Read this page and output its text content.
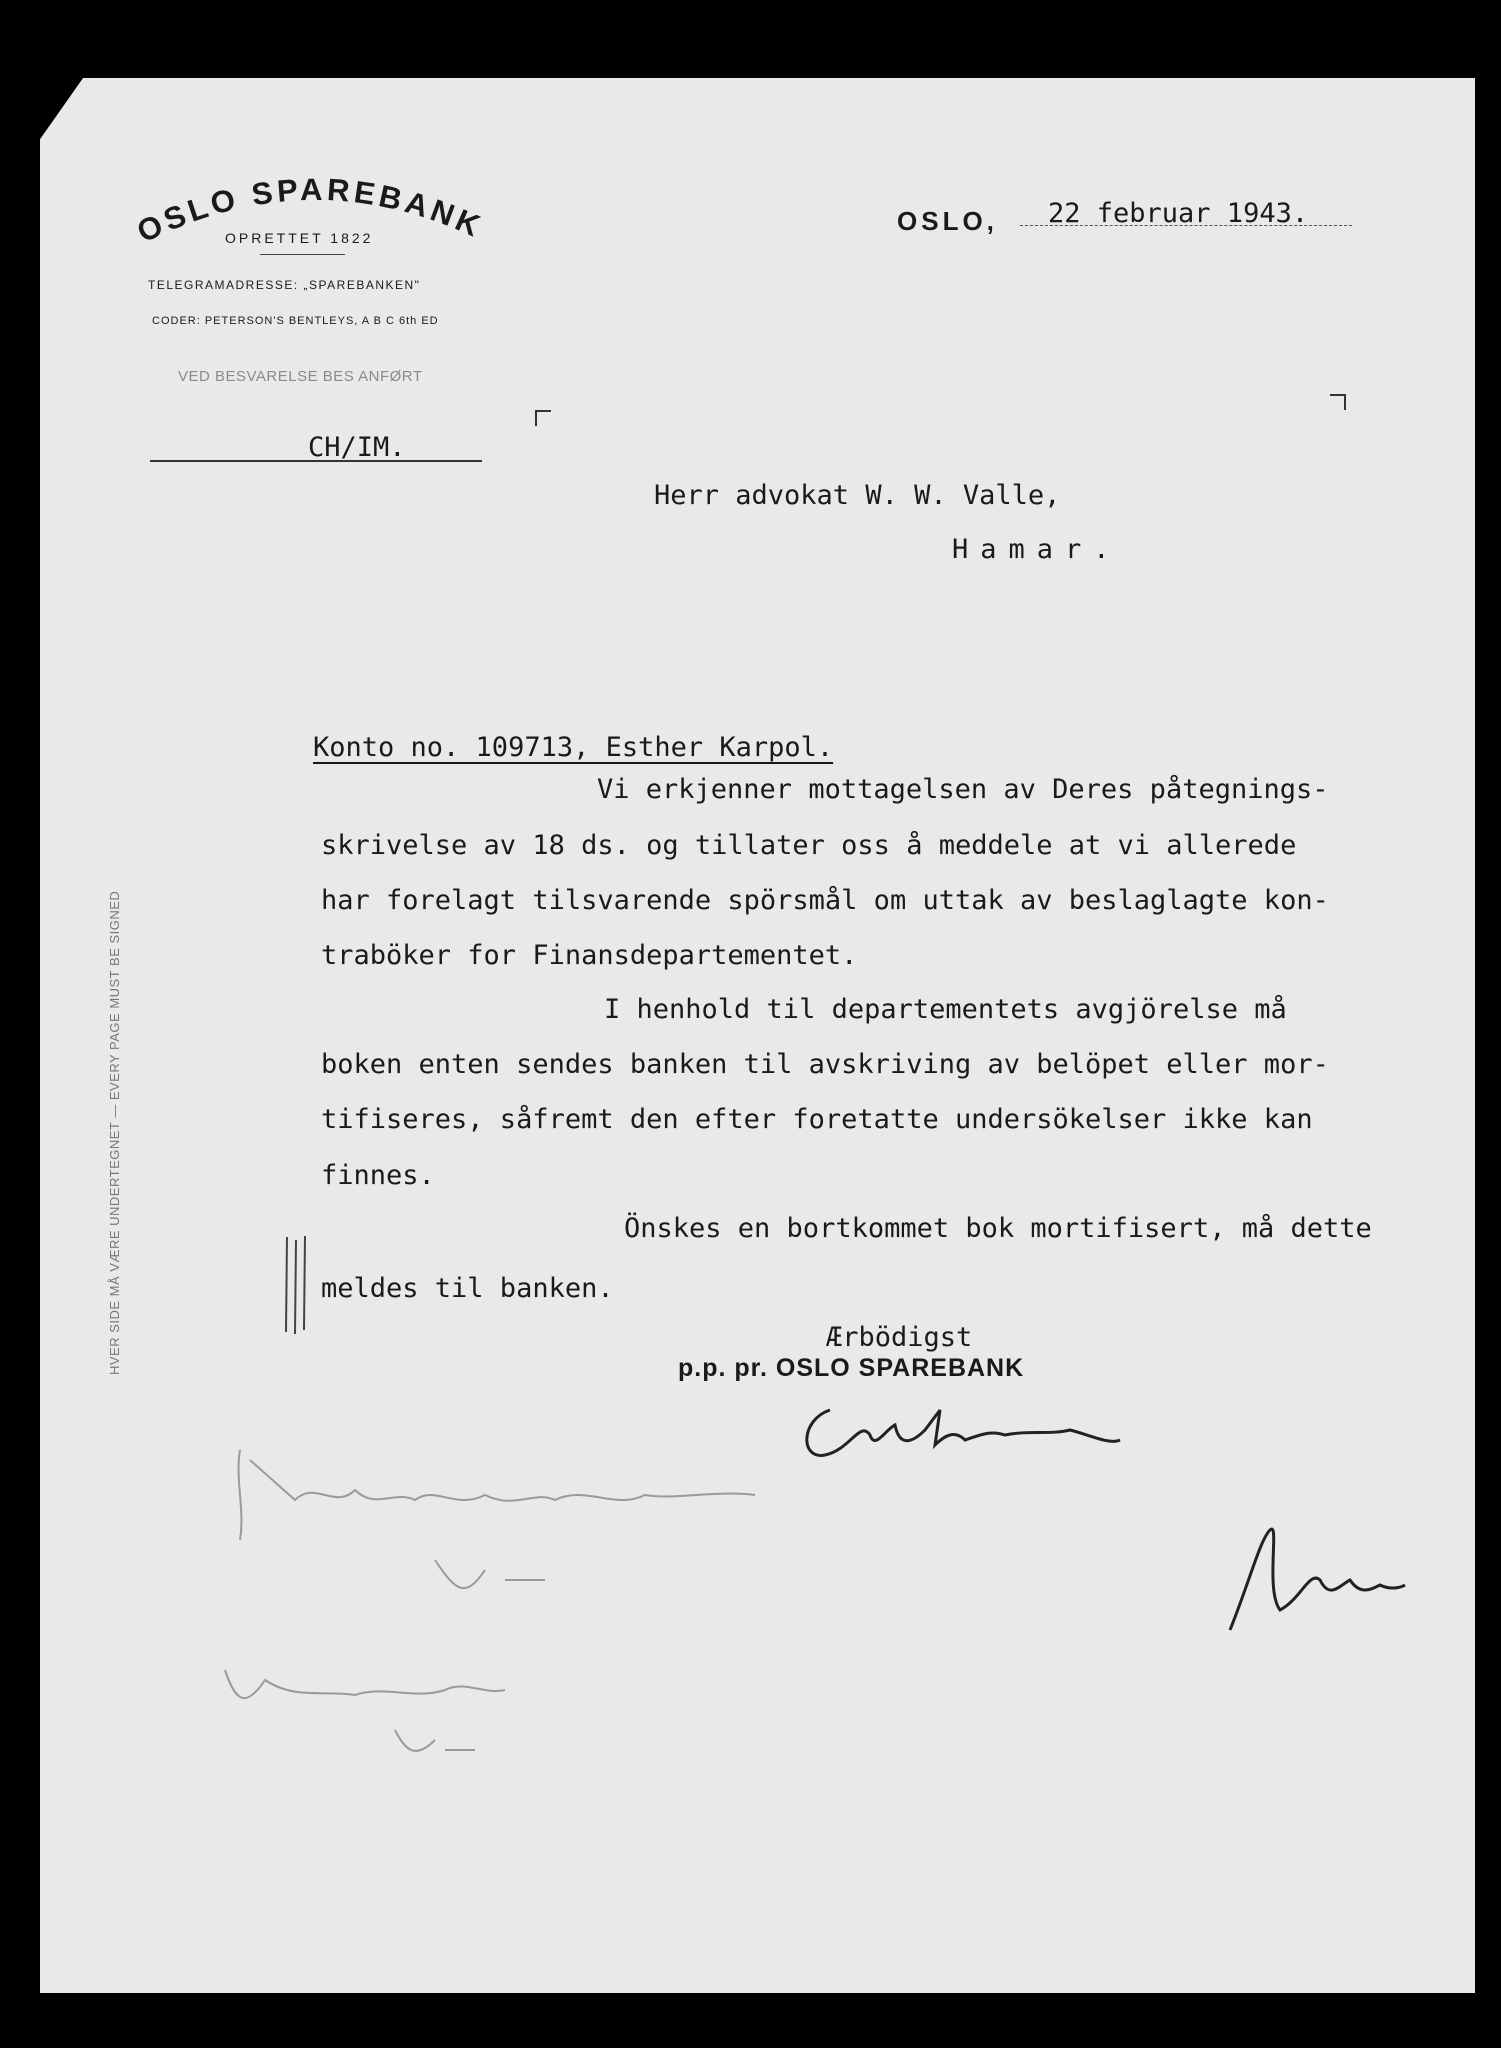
OSLO SPAREBANK
OPRETTET 1822
TELEGRAMADRESSE: „SPAREBANKEN"
CODER: PETERSON'S BENTLEYS, A B C 6th ED
VED BESVARELSE BES ANFØRT
CH/IM.
OSLO, 22 februar 1943.
Herr advokat W. W. Valle,
Hamar.
Konto no. 109713, Esther Karpol.
Vi erkjenner mottagelsen av Deres påtegnings-
skrivelse av 18 ds. og tillater oss å meddele at vi allerede
har forelagt tilsvarende spörsmål om uttak av beslaglagte kon-
traböker for Finansdepartementet.
I henhold til departementets avgjörelse må
boken enten sendes banken til avskriving av belöpet eller mor-
tifiseres, såfremt den efter foretatte undersökelser ikke kan
finnes.
Önskes en bortkommet bok mortifisert, må dette
meldes til banken.
Ærbödigst
p.p. pr. OSLO SPAREBANK
HVER SIDE MÅ VÆRE UNDERTEGNET — EVERY PAGE MUST BE SIGNED
